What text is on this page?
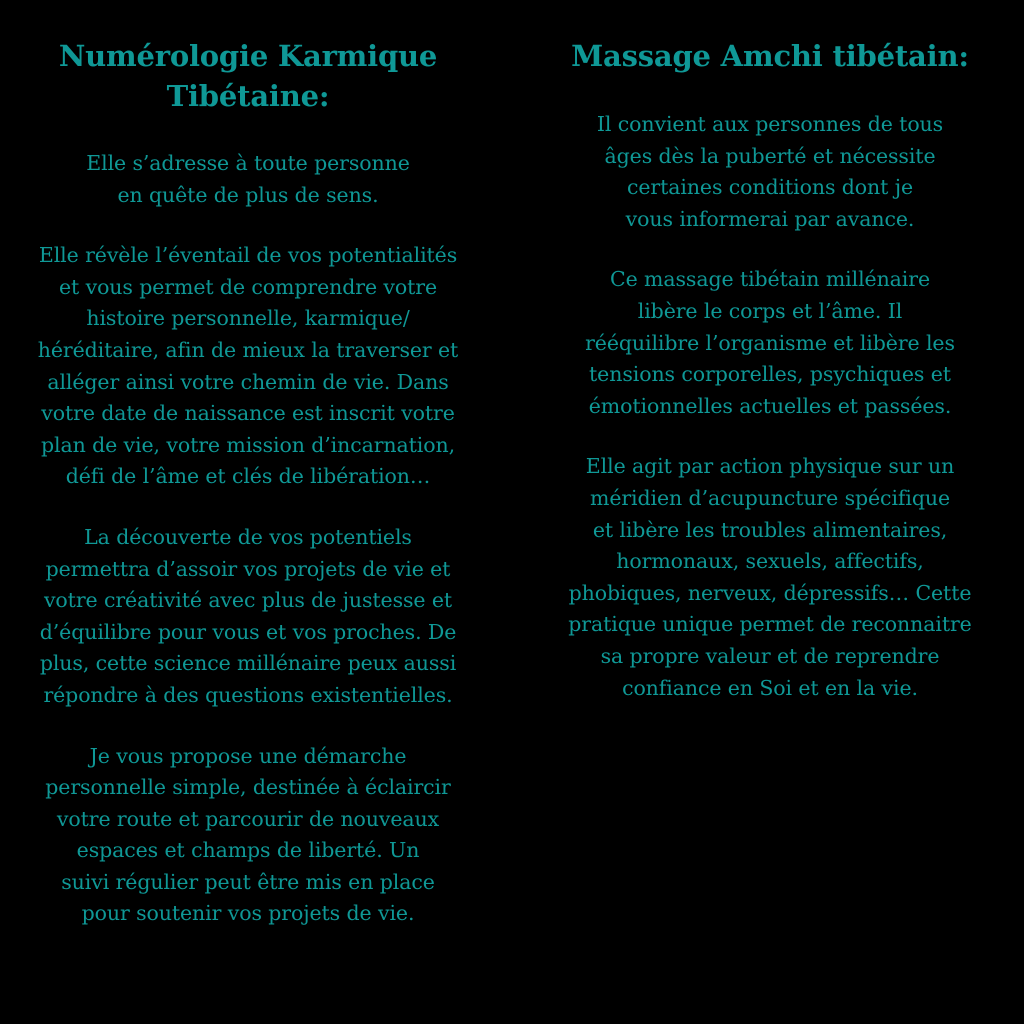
Numérologie Karmique
Tibétaine:

Elle s’adresse à toute personne
en quête de plus de sens.

Elle révèle l’éventail de vos potentialités
et vous permet de comprendre votre
histoire personnelle, karmique/
héréditaire, afin de mieux la traverser et
alléger ainsi votre chemin de vie. Dans
votre date de naissance est inscrit votre
plan de vie, votre mission d’incarnation,
défi de l’âme et clés de libération…

La découverte de vos potentiels
permettra d’assoir vos projets de vie et
votre créativité avec plus de justesse et
d’équilibre pour vous et vos proches. De
plus, cette science millénaire peux aussi
répondre à des questions existentielles.

Je vous propose une démarche
personnelle simple, destinée à éclaircir
votre route et parcourir de nouveaux
espaces et champs de liberté. Un
suivi régulier peut être mis en place
pour soutenir vos projets de vie.

Massage Amchi tibétain:

Il convient aux personnes de tous
âges dès la puberté et nécessite
certaines conditions dont je
vous informerai par avance.

Ce massage tibétain millénaire
libère le corps et l’âme. Il
rééquilibre l’organisme et libère les
tensions corporelles, psychiques et
émotionnelles actuelles et passées.

Elle agit par action physique sur un
méridien d’acupuncture spécifique
et libère les troubles alimentaires,
hormonaux, sexuels, affectifs,
phobiques, nerveux, dépressifs… Cette
pratique unique permet de reconnaitre
sa propre valeur et de reprendre
confiance en Soi et en la vie.
